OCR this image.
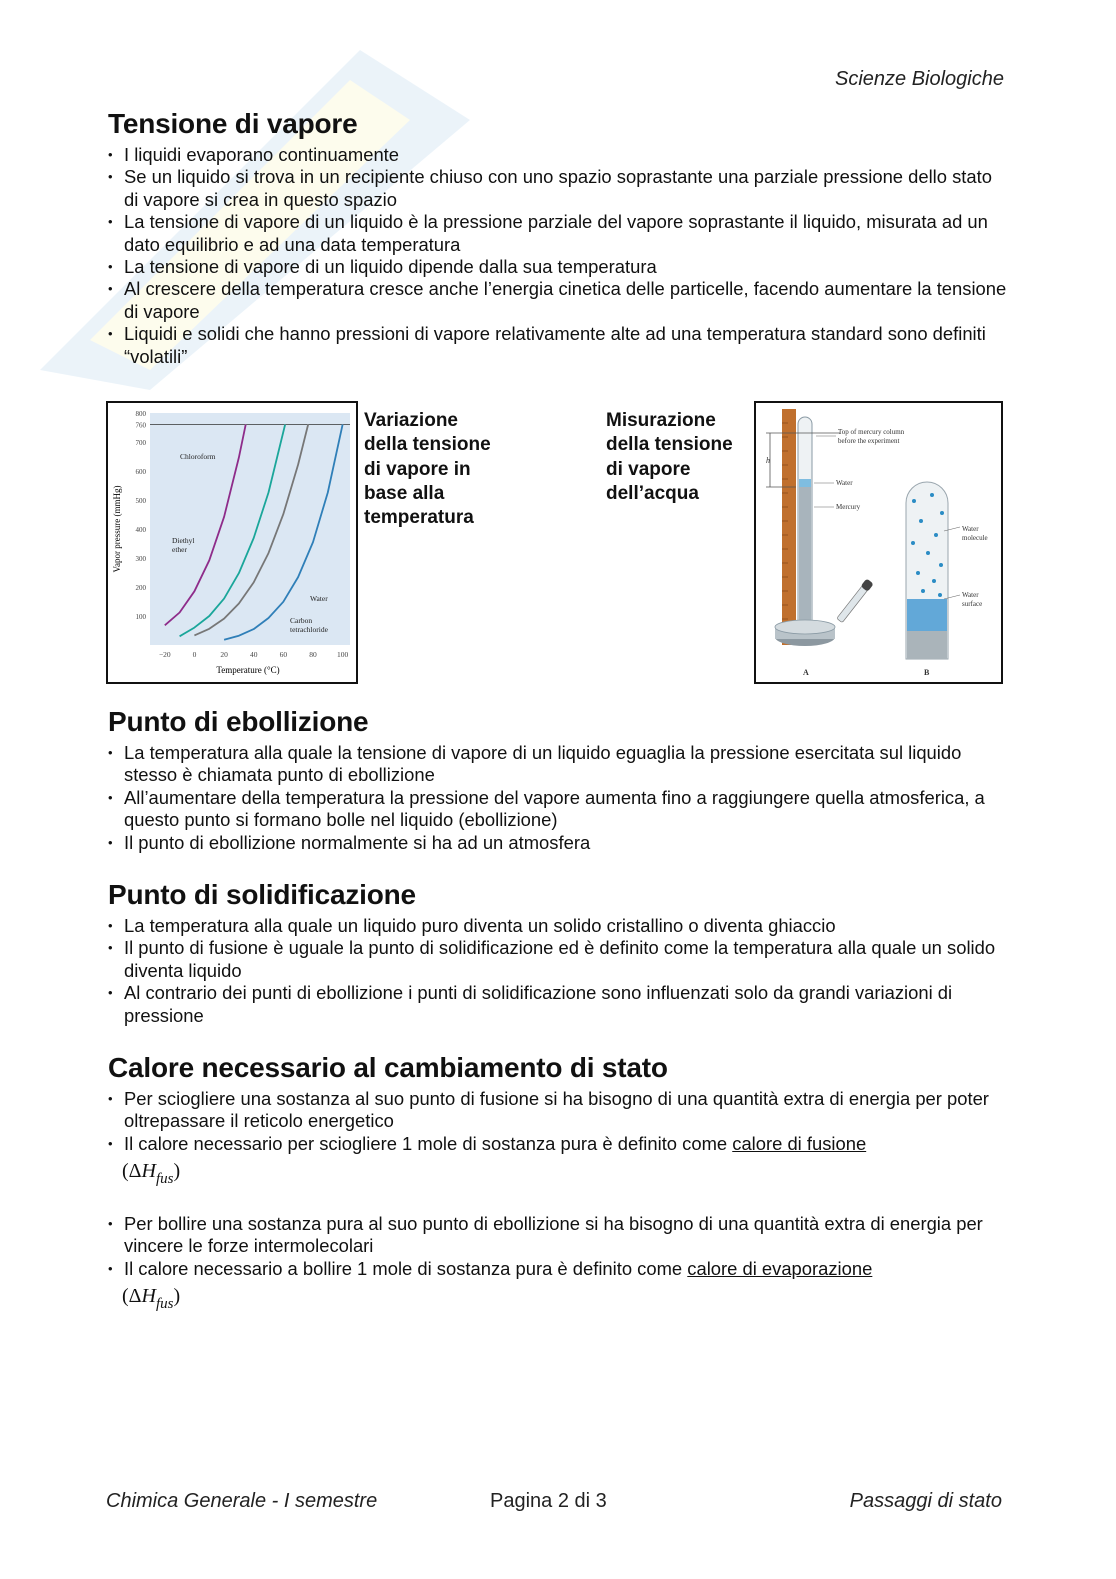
Scienze Biologiche
Tensione di vapore
• I liquidi evaporano continuamente
• Se un liquido si trova in un recipiente chiuso con uno spazio soprastante una parziale pressione dello stato di vapore si crea in questo spazio
• La tensione di vapore di un liquido è la pressione parziale del vapore soprastante il liquido, misurata ad un dato equilibrio e ad una data temperatura
• La tensione di vapore di un liquido dipende dalla sua temperatura
• Al crescere della temperatura cresce anche l’energia cinetica delle particelle, facendo aumentare la tensione di vapore
• Liquidi e solidi che hanno pressioni di vapore relativamente alte ad una temperatura standard sono definiti “volatili”
Diethyl
ether
Chloroform
Carbon
tetrachloride
Water
100
200
300
400
500
600
700
760
800
−20	0	20	40	60	80	100
Temperature (°C)
Vapor pressure (mmHg)
Variazione
della tensione
di vapore in
base alla
temperatura
Misurazione
della tensione
di vapore
dell’acqua
h
Top of mercury column
before the experiment
Water
Mercury
A
Water
molecule
Water
surface
B
Punto di ebollizione
• La temperatura alla quale la tensione di vapore di un liquido eguaglia la pressione esercitata sul liquido stesso è chiamata punto di ebollizione
• All’aumentare della temperatura la pressione del vapore aumenta fino a raggiungere quella atmosferica, a questo punto si formano bolle nel liquido (ebollizione)
• Il punto di ebollizione normalmente si ha ad un atmosfera
Punto di solidificazione
• La temperatura alla quale un liquido puro diventa un solido cristallino o diventa ghiaccio
• Il punto di fusione è uguale la punto di solidificazione ed è definito come la temperatura alla quale un solido diventa liquido
• Al contrario dei punti di ebollizione i punti di solidificazione sono influenzati solo da grandi variazioni di pressione
Calore necessario al cambiamento di stato
• Per sciogliere una sostanza al suo punto di fusione si ha bisogno di una quantità extra di energia per poter oltrepassare il reticolo energetico
• Il calore necessario per sciogliere 1 mole di sostanza pura è definito come calore di fusione
$(\Delta H_{fus})$
• Per bollire una sostanza pura al suo punto di ebollizione si ha bisogno di una quantità extra di energia per vincere le forze intermolecolari
• Il calore necessario a bollire 1 mole di sostanza pura è definito come calore di evaporazione
$(\Delta H_{fus})$
Chimica Generale - I semestre	Pagina 2 di 3	Passaggi di stato
